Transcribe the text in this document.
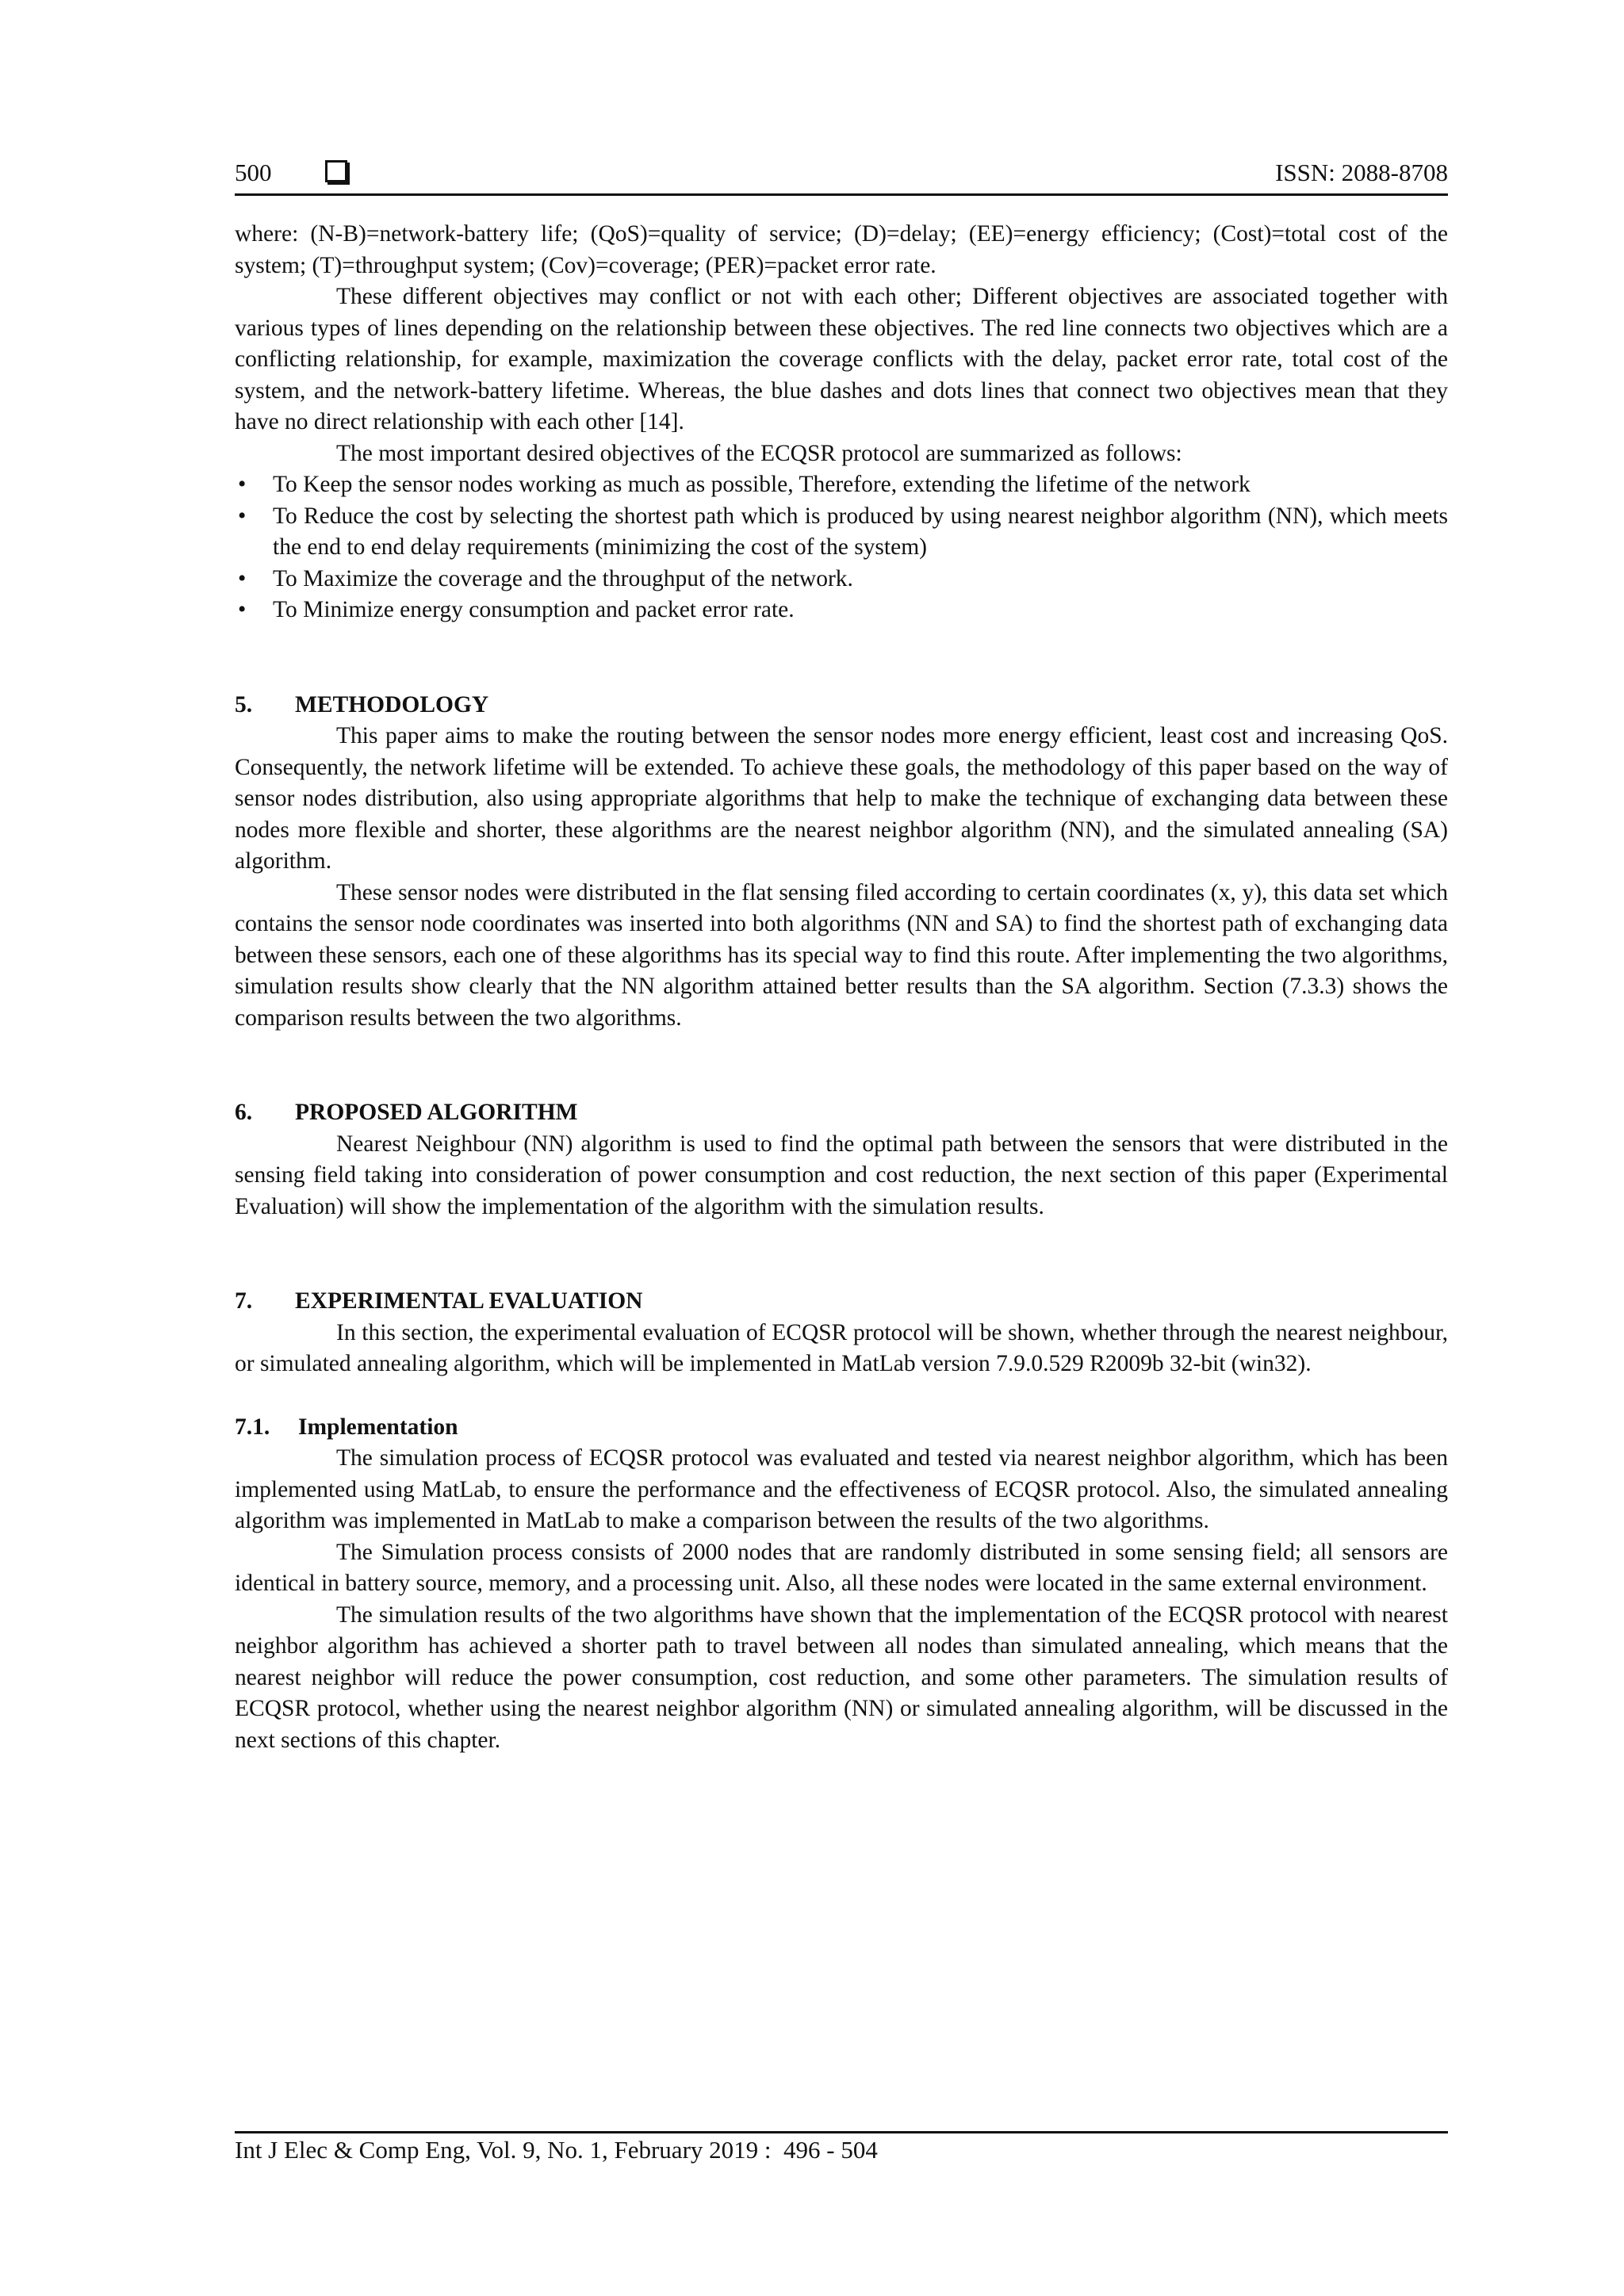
500	ISSN: 2088-8708

where: (N-B)=network-battery life; (QoS)=quality of service; (D)=delay; (EE)=energy efficiency; (Cost)=total cost of the system; (T)=throughput system; (Cov)=coverage; (PER)=packet error rate.

These different objectives may conflict or not with each other; Different objectives are associated together with various types of lines depending on the relationship between these objectives. The red line connects two objectives which are a conflicting relationship, for example, maximization the coverage conflicts with the delay, packet error rate, total cost of the system, and the network-battery lifetime. Whereas, the blue dashes and dots lines that connect two objectives mean that they have no direct relationship with each other [14].

The most important desired objectives of the ECQSR protocol are summarized as follows:

• To Keep the sensor nodes working as much as possible, Therefore, extending the lifetime of the network
• To Reduce the cost by selecting the shortest path which is produced by using nearest neighbor algorithm (NN), which meets the end to end delay requirements (minimizing the cost of the system)
• To Maximize the coverage and the throughput of the network.
• To Minimize energy consumption and packet error rate.
5. METHODOLOGY

This paper aims to make the routing between the sensor nodes more energy efficient, least cost and increasing QoS. Consequently, the network lifetime will be extended. To achieve these goals, the methodology of this paper based on the way of sensor nodes distribution, also using appropriate algorithms that help to make the technique of exchanging data between these nodes more flexible and shorter, these algorithms are the nearest neighbor algorithm (NN), and the simulated annealing (SA) algorithm.

These sensor nodes were distributed in the flat sensing filed according to certain coordinates (x, y), this data set which contains the sensor node coordinates was inserted into both algorithms (NN and SA) to find the shortest path of exchanging data between these sensors, each one of these algorithms has its special way to find this route. After implementing the two algorithms, simulation results show clearly that the NN algorithm attained better results than the SA algorithm. Section (7.3.3) shows the comparison results between the two algorithms.

6. PROPOSED ALGORITHM

Nearest Neighbour (NN) algorithm is used to find the optimal path between the sensors that were distributed in the sensing field taking into consideration of power consumption and cost reduction, the next section of this paper (Experimental Evaluation) will show the implementation of the algorithm with the simulation results.

7. EXPERIMENTAL EVALUATION

In this section, the experimental evaluation of ECQSR protocol will be shown, whether through the nearest neighbour, or simulated annealing algorithm, which will be implemented in MatLab version 7.9.0.529 R2009b 32-bit (win32).

7.1. Implementation

The simulation process of ECQSR protocol was evaluated and tested via nearest neighbor algorithm, which has been implemented using MatLab, to ensure the performance and the effectiveness of ECQSR protocol. Also, the simulated annealing algorithm was implemented in MatLab to make a comparison between the results of the two algorithms.

The Simulation process consists of 2000 nodes that are randomly distributed in some sensing field; all sensors are identical in battery source, memory, and a processing unit. Also, all these nodes were located in the same external environment.

The simulation results of the two algorithms have shown that the implementation of the ECQSR protocol with nearest neighbor algorithm has achieved a shorter path to travel between all nodes than simulated annealing, which means that the nearest neighbor will reduce the power consumption, cost reduction, and some other parameters. The simulation results of ECQSR protocol, whether using the nearest neighbor algorithm (NN) or simulated annealing algorithm, will be discussed in the next sections of this chapter.

Int J Elec & Comp Eng, Vol. 9, No. 1, February 2019 :  496 - 504
